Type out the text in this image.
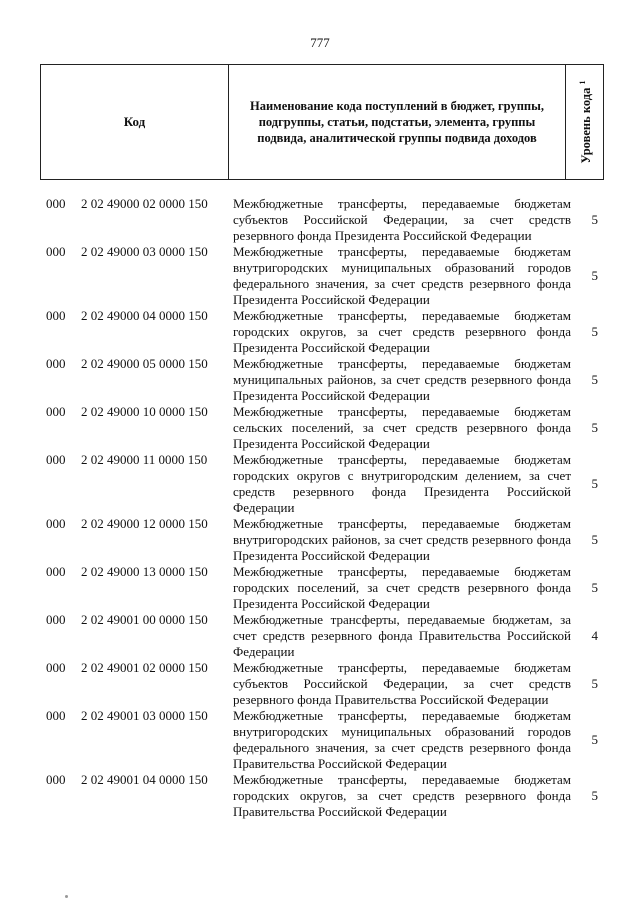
777
Код
Наименование кода поступлений в бюджет, группы, подгруппы, статьи, подстатьи, элемента, группы подвида, аналитической группы подвида доходов	Уровень кода $^1$
000 2 02 49000 02 0000 150 Межбюджетные трансферты, передаваемые бюджетам субъектов Российской Федерации, за счет средств резервного фонда Президента Российской Федерации
5
000 2 02 49000 03 0000 150 Межбюджетные трансферты, передаваемые бюджетам внутригородских муниципальных образований городов федерального значения, за счет средств резервного фонда Президента Российской Федерации
5
000 2 02 49000 04 0000 150 Межбюджетные трансферты, передаваемые бюджетам городских округов, за счет средств резервного фонда Президента Российской Федерации
5
000 2 02 49000 05 0000 150 Межбюджетные трансферты, передаваемые бюджетам муниципальных районов, за счет средств резервного фонда Президента Российской Федерации
5
000 2 02 49000 10 0000 150 Межбюджетные трансферты, передаваемые бюджетам сельских поселений, за счет средств резервного фонда Президента Российской Федерации
5
000 2 02 49000 11 0000 150 Межбюджетные трансферты, передаваемые бюджетам городских округов с внутригородским делением, за счет средств резервного фонда Президента Российской Федерации
5
000 2 02 49000 12 0000 150 Межбюджетные трансферты, передаваемые бюджетам внутригородских районов, за счет средств резервного фонда Президента Российской Федерации
5
000 2 02 49000 13 0000 150 Межбюджетные трансферты, передаваемые бюджетам городских поселений, за счет средств резервного фонда Президента Российской Федерации
5
000 2 02 49001 00 0000 150 Межбюджетные трансферты, передаваемые бюджетам, за счет средств резервного фонда Правительства Российской Федерации
4
000 2 02 49001 02 0000 150 Межбюджетные трансферты, передаваемые бюджетам субъектов Российской Федерации, за счет средств резервного фонда Правительства Российской Федерации
5
000 2 02 49001 03 0000 150 Межбюджетные трансферты, передаваемые бюджетам внутригородских муниципальных образований городов федерального значения, за счет средств резервного фонда Правительства Российской Федерации
5
000 2 02 49001 04 0000 150 Межбюджетные трансферты, передаваемые бюджетам городских округов, за счет средств резервного фонда Правительства Российской Федерации
5
